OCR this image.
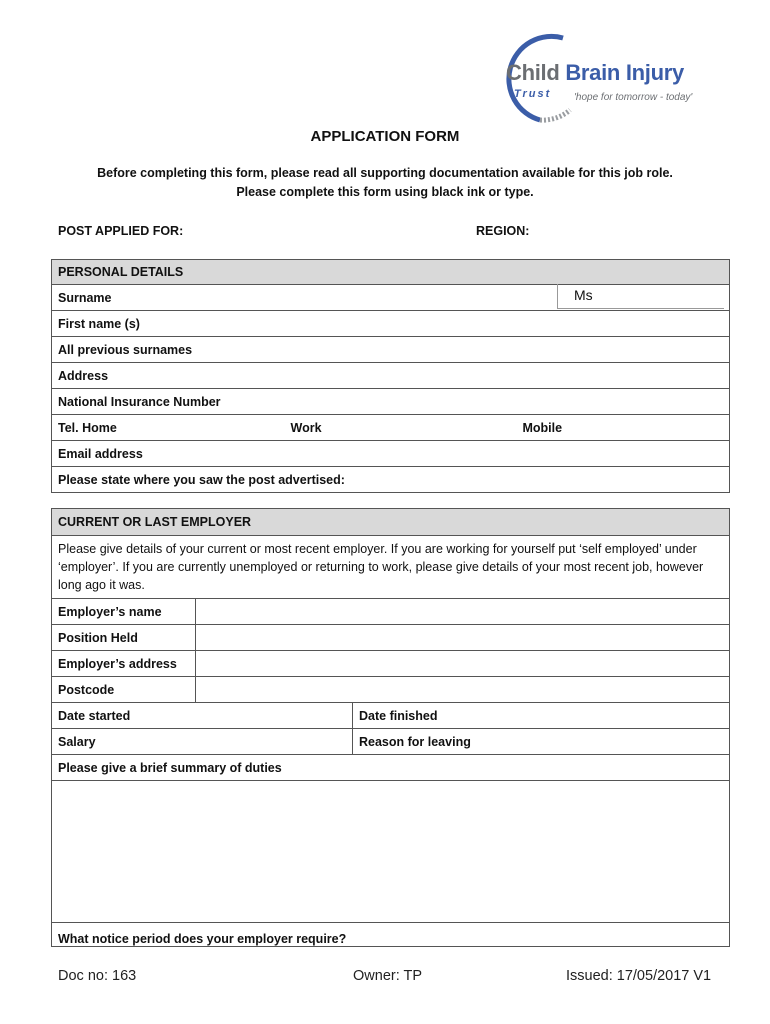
Child Brain Injury
Trust 'hope for tomorrow - today'
APPLICATION FORM
Before completing this form, please read all supporting documentation available for this job role.
Please complete this form using black ink or type.
POST APPLIED FOR:	REGION:
PERSONAL DETAILS
Surname	Ms

First name (s)
All previous surnames
Address
National Insurance Number
Tel. Home	Work	Mobile
Email address
Please state where you saw the post advertised:
CURRENT OR LAST EMPLOYER		
Please give details of your current or most recent employer. If you are working for yourself put ‘self employed’ under ‘employer’. If you are currently unemployed or returning to work, please give details of your most recent job, however long ago it was.		
Employer’s name		
Position Held		
Employer’s address		
Postcode		
Date started		Date finished
Salary		Reason for leaving
Please give a brief summary of duties		

What notice period does your employer require?		
Doc no: 163	Owner: TP	Issued: 17/05/2017 V1
